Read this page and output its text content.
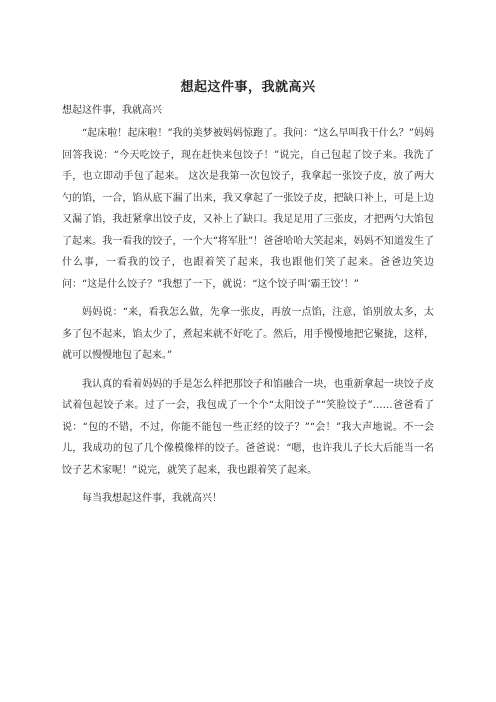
想起这件事，我就高兴

想起这件事，我就高兴

“起床啦！起床啦！”我的美梦被妈妈惊跑了。我问：“这么早叫我干什么？”妈妈回答我说：“今天吃饺子，现在赶快来包饺子！”说完，自己包起了饺子来。我洗了手，也立即动手包了起来。 这次是我第一次包饺子，我拿起一张饺子皮，放了两大勺的馅，一合，馅从底下漏了出来，我又拿起了一张饺子皮，把缺口补上，可是上边又漏了馅，我赶紧拿出饺子皮，又补上了缺口。我足足用了三张皮，才把两勺大馅包了起来。我一看我的饺子，一个大“将军肚”！爸爸哈哈大笑起来，妈妈不知道发生了什么事，一看我的饺子，也跟着笑了起来，我也跟他们笑了起来。爸爸边笑边问：“这是什么饺子？”我想了一下，就说：“这个饺子叫‘霸王饺’！”

妈妈说：“来，看我怎么做，先拿一张皮，再放一点馅，注意，馅别放太多，太多了包不起来，馅太少了，煮起来就不好吃了。然后，用手慢慢地把它聚拢，这样，就可以慢慢地包了起来。”

我认真的看着妈妈的手是怎么样把那饺子和馅融合一块，也重新拿起一块饺子皮试着包起饺子来。过了一会，我包成了一个个“太阳饺子”“笑脸饺子”……爸爸看了说：“包的不错，不过，你能不能包一些正经的饺子？”“会！”我大声地说。不一会儿，我成功的包了几个像模像样的饺子。爸爸说：“嗯，也许我儿子长大后能当一名饺子艺术家呢！”说完，就笑了起来，我也跟着笑了起来。

每当我想起这件事，我就高兴！
